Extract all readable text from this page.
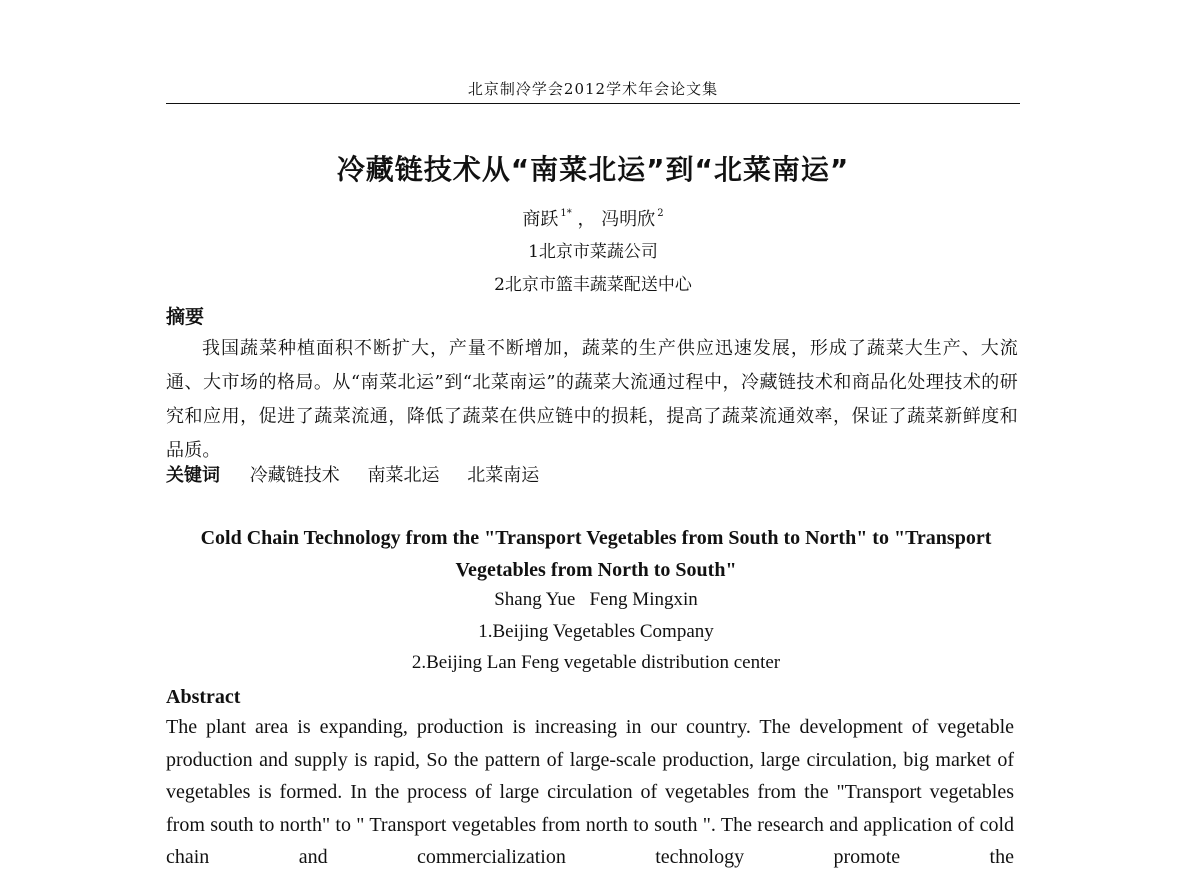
北京制冷学会2012学术年会论文集
冷藏链技术从“南菜北运”到“北菜南运”
商跃 $^{1*}$ ， 冯明欣 $^2$
1北京市菜蔬公司
2北京市篮丰蔬菜配送中心
摘要
我国蔬菜种植面积不断扩大，产量不断增加，蔬菜的生产供应迅速发展，形成了蔬菜大生产、大流通、大市场的格局。从“南菜北运”到“北菜南运”的蔬菜大流通过程中，冷藏链技术和商品化处理技术的研究和应用，促进了蔬菜流通，降低了蔬菜在供应链中的损耗，提高了蔬菜流通效率，保证了蔬菜新鲜度和品质。
关键词 冷藏链技术 南菜北运 北菜南运
Cold Chain Technology from the "Transport Vegetables from South to North" to "Transport Vegetables from North to South"
Shang Yue   Feng Mingxin
1.Beijing Vegetables Company
2.Beijing Lan Feng vegetable distribution center
Abstract
The plant area is expanding, production is increasing in our country. The development of vegetable production and supply is rapid, So the pattern of large-scale production, large circulation, big market of vegetables is formed. In the process of large circulation of vegetables from the "Transport vegetables from south to north" to " Transport vegetables from north to south ". The research and application of cold chain and commercialization technology promote the
